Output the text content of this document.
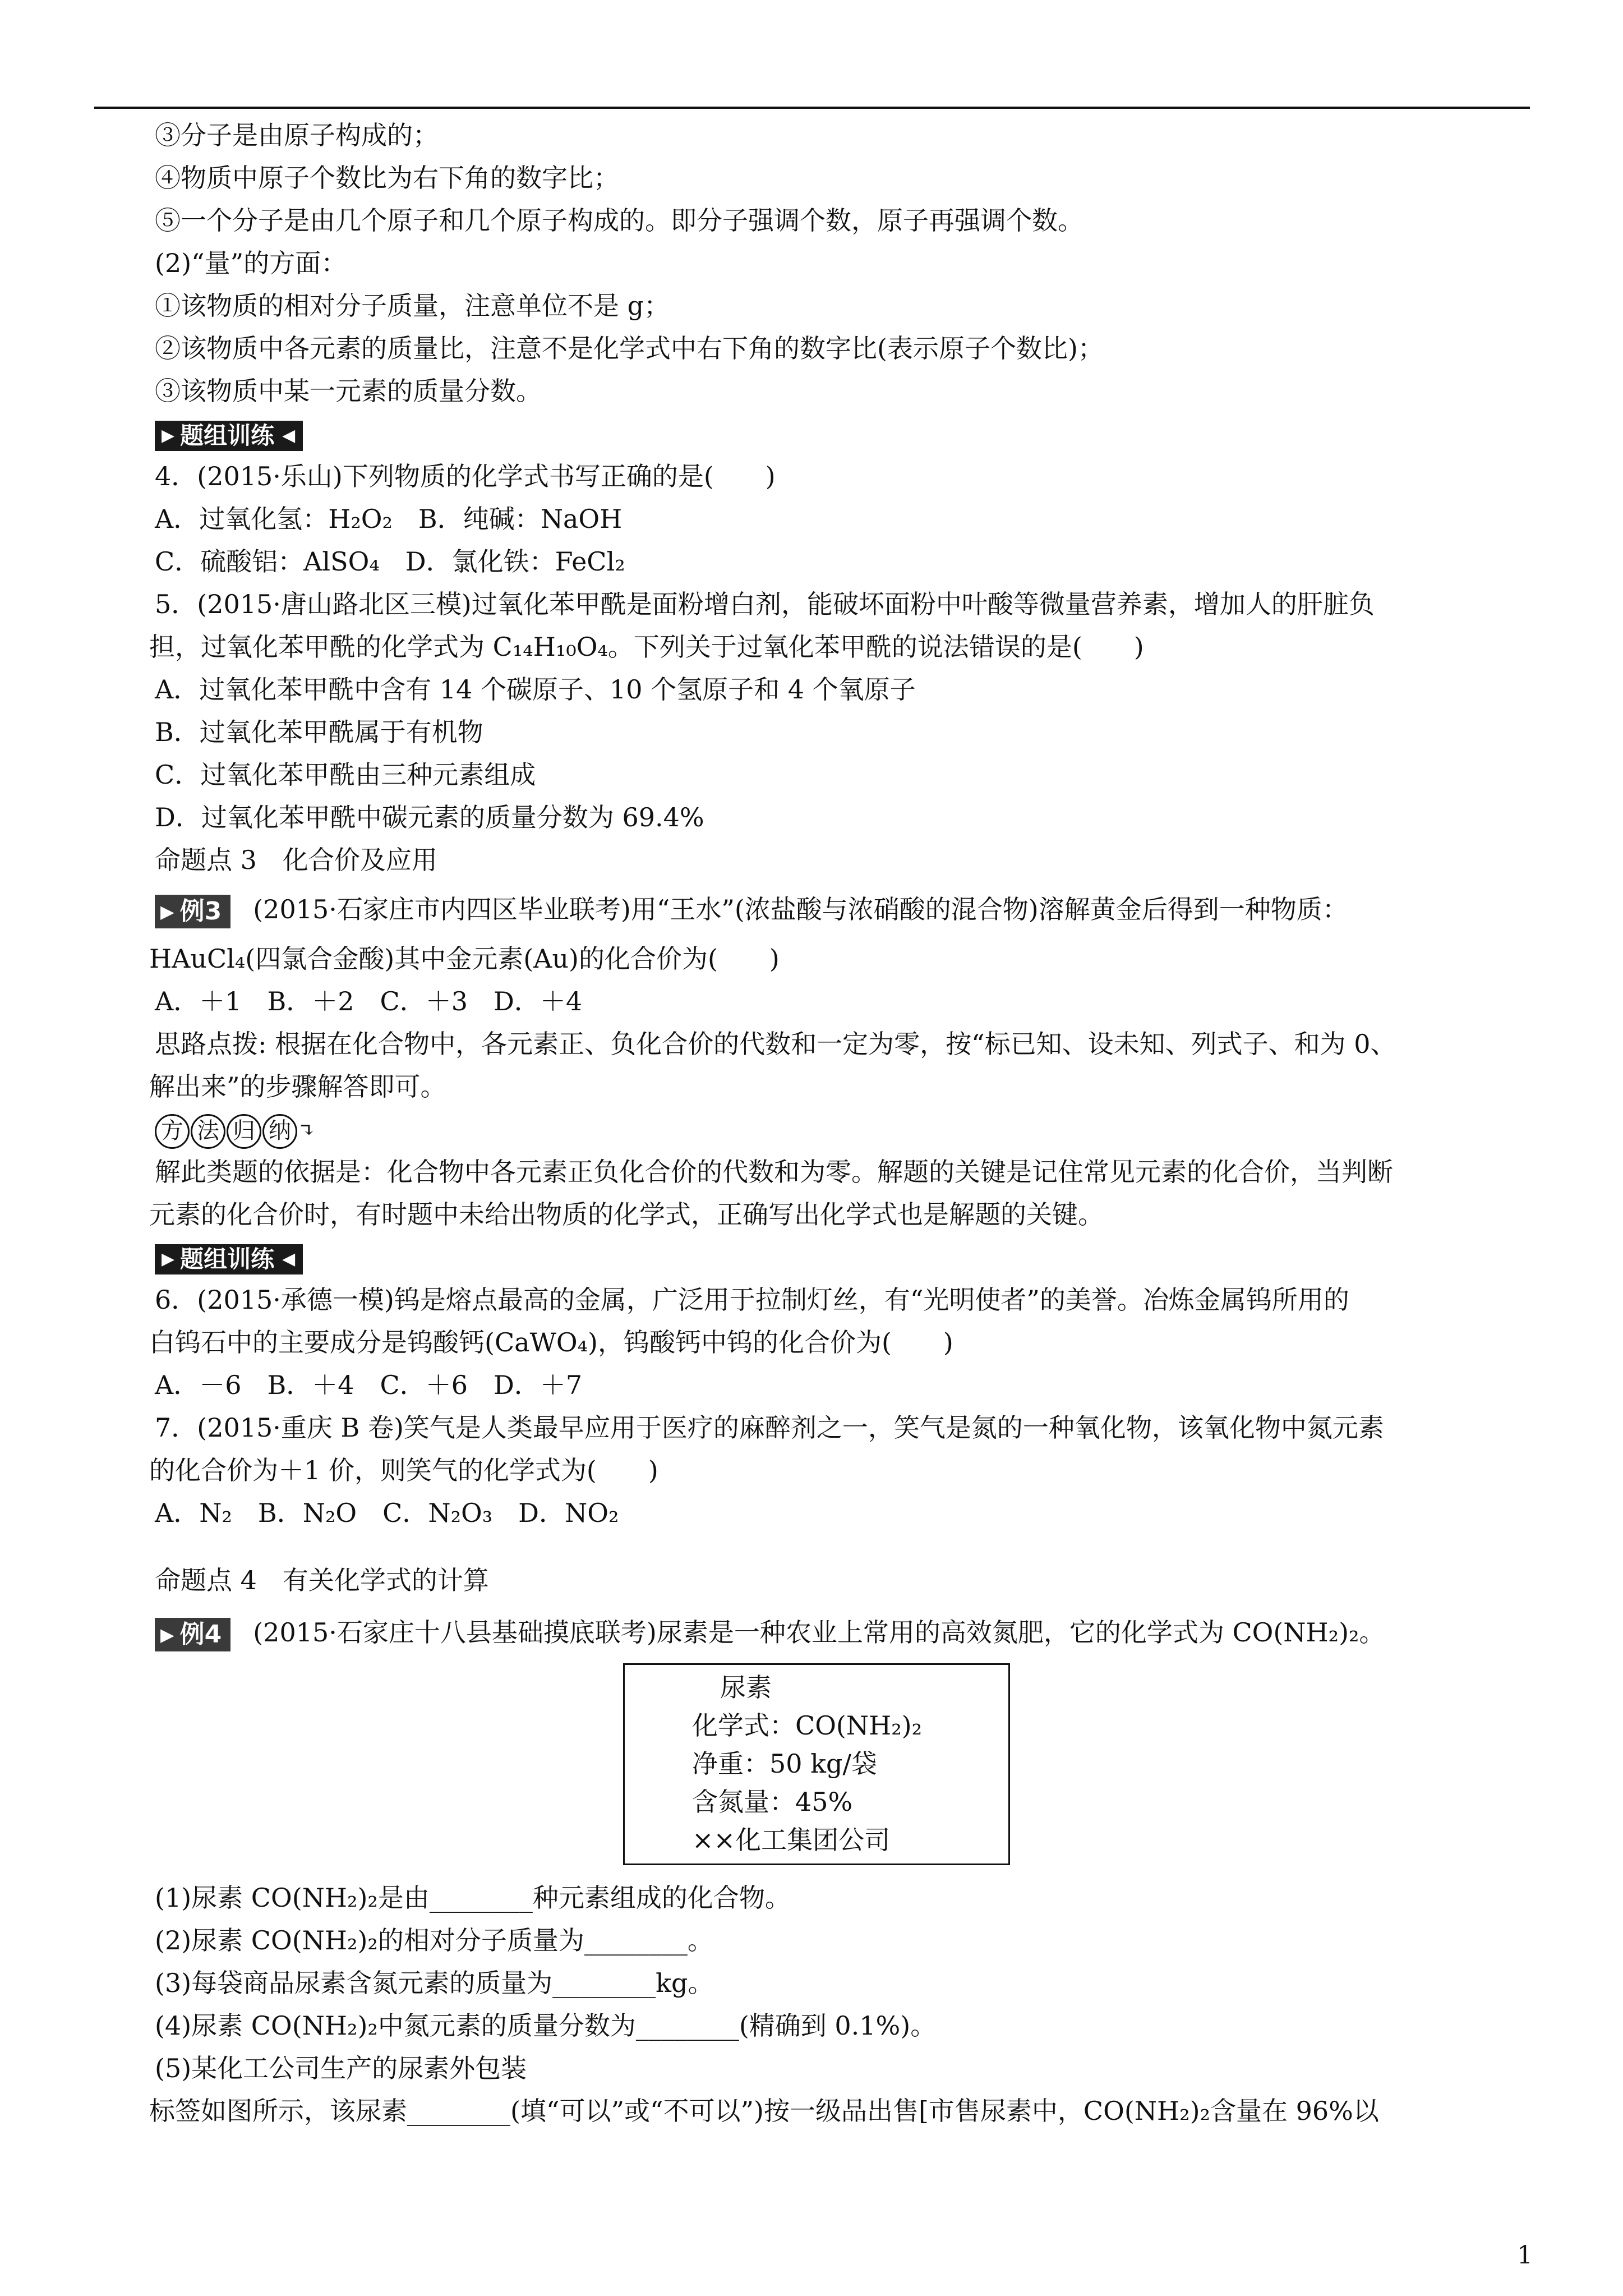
③分子是由原子构成的；
④物质中原子个数比为右下角的数字比；
⑤一个分子是由几个原子和几个原子构成的。即分子强调个数，原子再强调个数。
(2)“量”的方面：
①该物质的相对分子质量，注意单位不是 g；
②该物质中各元素的质量比，注意不是化学式中右下角的数字比(表示原子个数比)；
③该物质中某一元素的质量分数。
▶ 题组训练 ◀
4．(2015·乐山)下列物质的化学式书写正确的是(　　)
A．过氧化氢：H₂O₂　B．纯碱：NaOH
C．硫酸铝：AlSO₄　D．氯化铁：FeCl₂
5．(2015·唐山路北区三模)过氧化苯甲酰是面粉增白剂，能破坏面粉中叶酸等微量营养素，增加人的肝脏负
担，过氧化苯甲酰的化学式为 C₁₄H₁₀O₄。下列关于过氧化苯甲酰的说法错误的是(　　)
A．过氧化苯甲酰中含有 14 个碳原子、10 个氢原子和 4 个氧原子
B．过氧化苯甲酰属于有机物
C．过氧化苯甲酰由三种元素组成
D．过氧化苯甲酰中碳元素的质量分数为 69.4%
命题点 3　化合价及应用
▶ 例3 (2015·石家庄市内四区毕业联考)用“王水”(浓盐酸与浓硝酸的混合物)溶解黄金后得到一种物质：
HAuCl₄(四氯合金酸)其中金元素(Au)的化合价为(　　)
A．＋1　B．＋2　C．＋3　D．＋4
思路点拨: 根据在化合物中，各元素正、负化合价的代数和一定为零，按“标已知、设未知、列式子、和为 0、
解出来”的步骤解答即可。
方 法 归 纳 ↴
解此类题的依据是：化合物中各元素正负化合价的代数和为零。解题的关键是记住常见元素的化合价，当判断
元素的化合价时，有时题中未给出物质的化学式，正确写出化学式也是解题的关键。
▶ 题组训练 ◀
6．(2015·承德一模)钨是熔点最高的金属，广泛用于拉制灯丝，有“光明使者”的美誉。冶炼金属钨所用的
白钨石中的主要成分是钨酸钙(CaWO₄)，钨酸钙中钨的化合价为(　　)
A．－6　B．＋4　C．＋6　D．＋7
7．(2015·重庆 B 卷)笑气是人类最早应用于医疗的麻醉剂之一，笑气是氮的一种氧化物，该氧化物中氮元素
的化合价为＋1 价，则笑气的化学式为(　　)
A．N₂　B．N₂O　C．N₂O₃　D．NO₂
命题点 4　有关化学式的计算
▶ 例4 (2015·石家庄十八县基础摸底联考)尿素是一种农业上常用的高效氮肥，它的化学式为 CO(NH₂)₂。
尿素
化学式：CO(NH₂)₂
净重：50 kg/袋
含氮量：45%
××化工集团公司
(1)尿素 CO(NH₂)₂是由________种元素组成的化合物。
(2)尿素 CO(NH₂)₂的相对分子质量为________。
(3)每袋商品尿素含氮元素的质量为________kg。
(4)尿素 CO(NH₂)₂中氮元素的质量分数为________(精确到 0.1%)。
(5)某化工公司生产的尿素外包装
标签如图所示，该尿素________(填“可以”或“不可以”)按一级品出售[市售尿素中，CO(NH₂)₂含量在 96%以
1
